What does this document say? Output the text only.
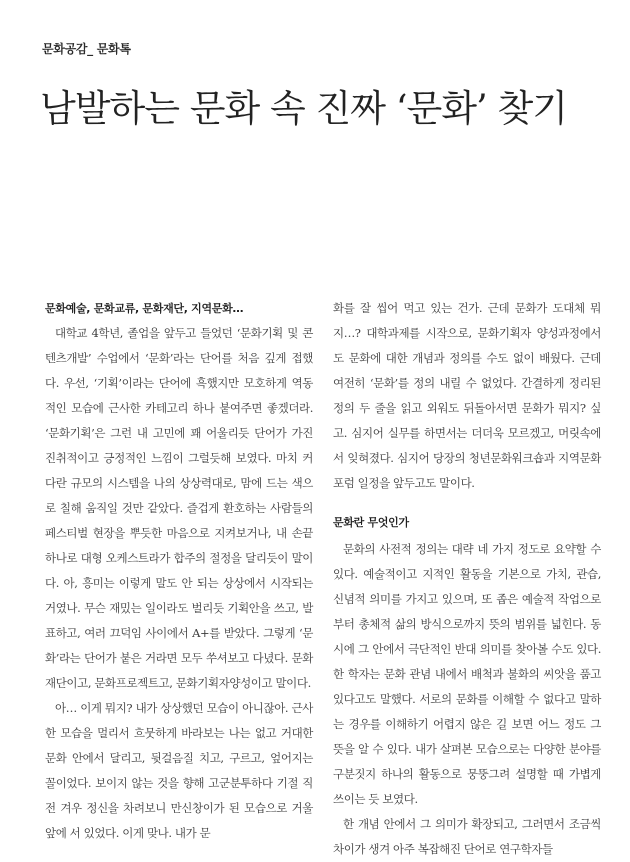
문화공감_ 문화톡
남발하는 문화 속 진짜 ‘문화’ 찾기
문화예술, 문화교류, 문화재단, 지역문화…

대학교 4학년, 졸업을 앞두고 들었던 ‘문화기획 및 콘텐츠개발’ 수업에서 ‘문화’라는 단어를 처음 깊게 접했다. 우선, ‘기획’이라는 단어에 흑했지만 모호하게 역동적인 모습에 근사한 카테고리 하나 붙여주면 좋겠더라. ‘문화기획’은 그런 내 고민에 꽤 어울리듯 단어가 가진 진취적이고 긍정적인 느낌이 그럴듯해 보였다. 마치 커다란 규모의 시스템을 나의 상상력대로, 맘에 드는 색으로 칠해 움직일 것만 같았다. 즐겁게 환호하는 사람들의 페스티벌 현장을 뿌듯한 마음으로 지켜보거나, 내 손끝 하나로 대형 오케스트라가 합주의 절정을 달리듯이 말이다. 아, 흥미는 이렇게 말도 안 되는 상상에서 시작되는 거였나. 무슨 재밌는 일이라도 벌리듯 기획안을 쓰고, 발표하고, 여러 끄덕임 사이에서 A+를 받았다. 그렇게 ‘문화’라는 단어가 붙은 거라면 모두 쑤셔보고 다녔다. 문화재단이고, 문화프로젝트고, 문화기획자양성이고 말이다.

아… 이게 뭐지? 내가 상상했던 모습이 아니잖아. 근사한 모습을 멀리서 흐뭇하게 바라보는 나는 없고 거대한 문화 안에서 달리고, 뒷걸음질 치고, 구르고, 엎어지는 꼴이었다. 보이지 않는 것을 향해 고군분투하다 기절 직전 겨우 정신을 차려보니 만신창이가 된 모습으로 거울 앞에 서 있었다. 이게 맞나. 내가 문

화를 잘 씹어 먹고 있는 건가. 근데 문화가 도대체 뭐지…? 대학과제를 시작으로, 문화기획자 양성과정에서도 문화에 대한 개념과 정의를 수도 없이 배웠다. 근데 여전히 ‘문화’를 정의 내릴 수 없었다. 간결하게 정리된 정의 두 줄을 읽고 외워도 뒤돌아서면 문화가 뭐지? 싶고. 심지어 실무를 하면서는 더더욱 모르겠고, 머릿속에서 잊혀졌다. 심지어 당장의 청년문화워크숍과 지역문화포럼 일정을 앞두고도 말이다.

문화란 무엇인가

문화의 사전적 정의는 대략 네 가지 정도로 요약할 수 있다. 예술적이고 지적인 활동을 기본으로 가치, 관습, 신념적 의미를 가지고 있으며, 또 좁은 예술적 작업으로부터 총체적 삶의 방식으로까지 뜻의 범위를 넓힌다. 동시에 그 안에서 극단적인 반대 의미를 찾아볼 수도 있다. 한 학자는 문화 관념 내에서 배척과 불화의 씨앗을 품고 있다고도 말했다. 서로의 문화를 이해할 수 없다고 말하는 경우를 이해하기 어렵지 않은 길 보면 어느 정도 그 뜻을 알 수 있다. 내가 살펴본 모습으로는 다양한 분야를 구분짓지 하나의 활동으로 뭉뚱그려 설명할 때 가볍게 쓰이는 듯 보였다.

한 개념 안에서 그 의미가 확장되고, 그러면서 조금씩 차이가 생겨 아주 복잡해진 단어로 연구학자들
